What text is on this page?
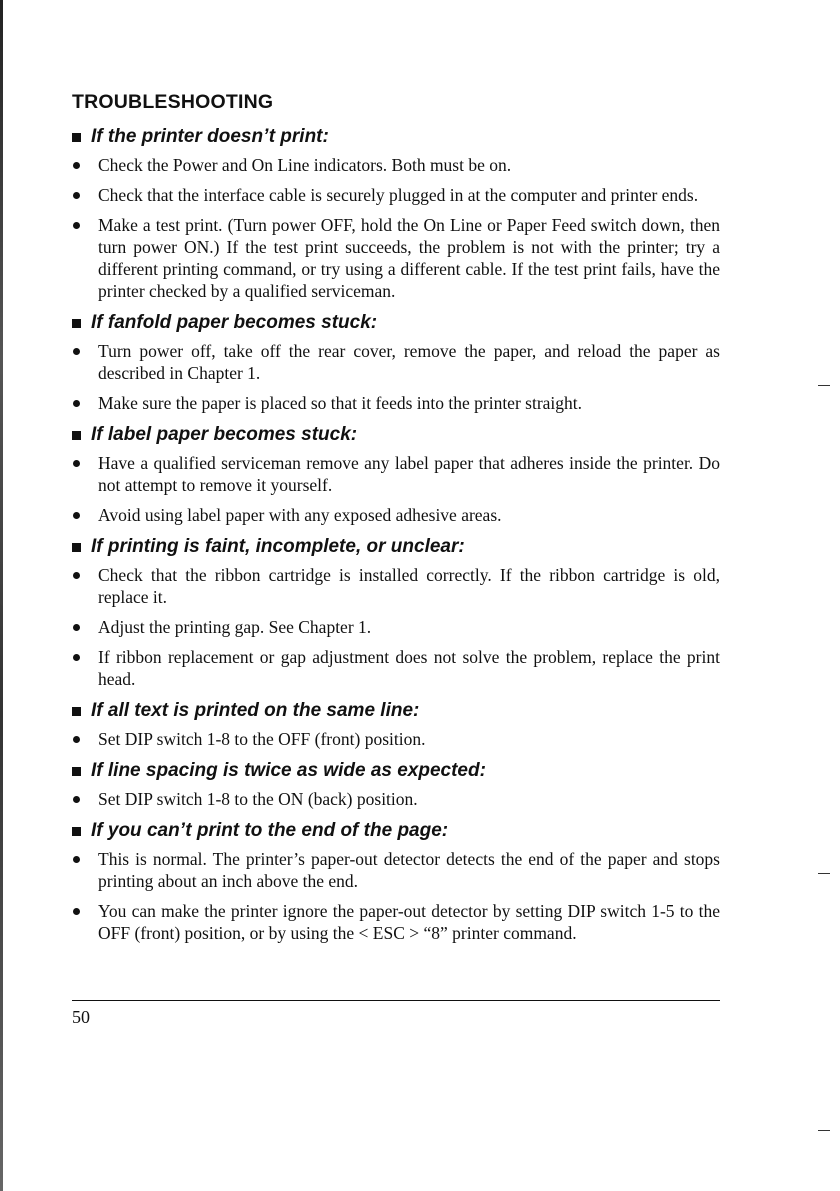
TROUBLESHOOTING
If the printer doesn’t print:
Check the Power and On Line indicators. Both must be on.
Check that the interface cable is securely plugged in at the computer and printer ends.
Make a test print. (Turn power OFF, hold the On Line or Paper Feed switch down, then turn power ON.) If the test print succeeds, the problem is not with the printer; try a different printing command, or try using a different cable. If the test print fails, have the printer checked by a qualified serviceman.
If fanfold paper becomes stuck:
Turn power off, take off the rear cover, remove the paper, and reload the paper as described in Chapter 1.
Make sure the paper is placed so that it feeds into the printer straight.
If label paper becomes stuck:
Have a qualified serviceman remove any label paper that adheres inside the printer. Do not attempt to remove it yourself.
Avoid using label paper with any exposed adhesive areas.
If printing is faint, incomplete, or unclear:
Check that the ribbon cartridge is installed correctly. If the ribbon cartridge is old, replace it.
Adjust the printing gap. See Chapter 1.
If ribbon replacement or gap adjustment does not solve the problem, replace the print head.
If all text is printed on the same line:
Set DIP switch 1-8 to the OFF (front) position.
If line spacing is twice as wide as expected:
Set DIP switch 1-8 to the ON (back) position.
If you can’t print to the end of the page:
This is normal. The printer’s paper-out detector detects the end of the paper and stops printing about an inch above the end.
You can make the printer ignore the paper-out detector by setting DIP switch 1-5 to the OFF (front) position, or by using the < ESC > “8” printer command.
50
